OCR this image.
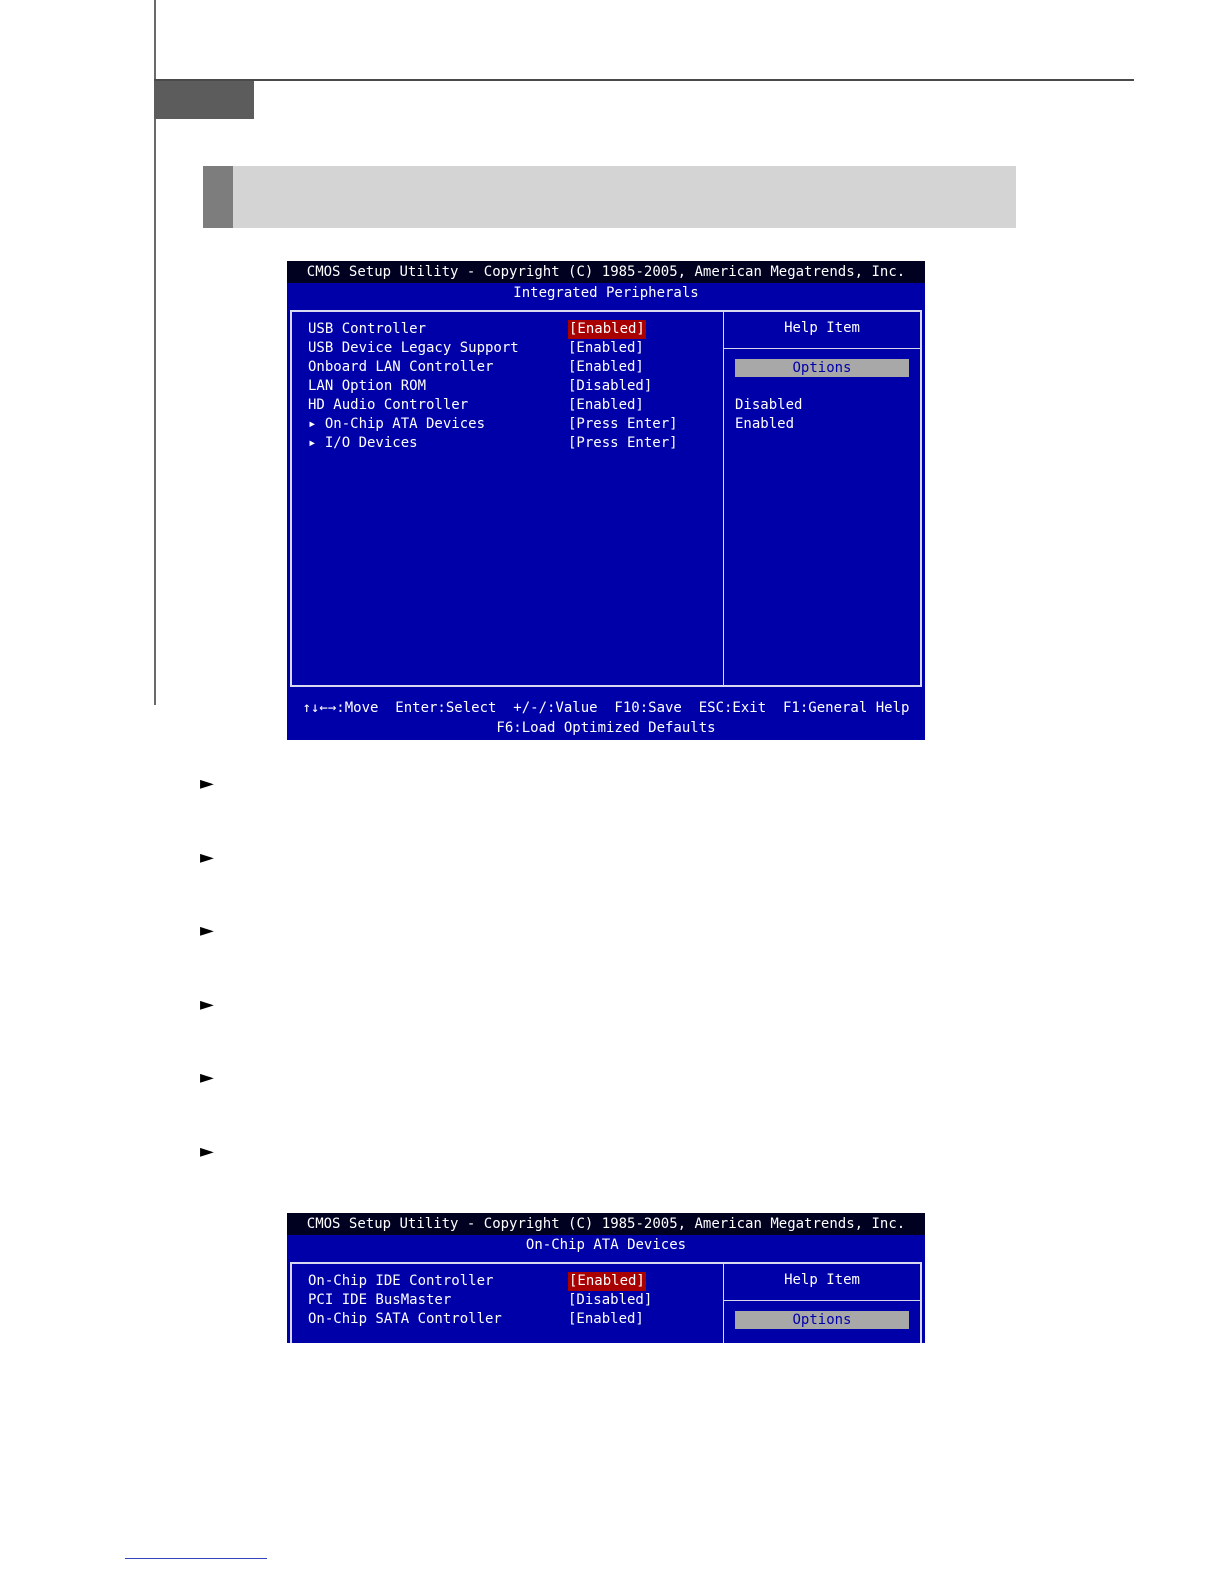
CMOS Setup Utility - Copyright (C) 1985-2005, American Megatrends, Inc.
Integrated Peripherals
Help Item
Options
USB Controller	[Enabled]
USB Device Legacy Support	[Enabled]
Onboard LAN Controller	[Enabled]
LAN Option ROM	[Disabled]
HD Audio Controller	[Enabled]
▸ On-Chip ATA Devices	[Press Enter]
▸ I/O Devices	[Press Enter]
Disabled
Enabled
↑↓←→:Move  Enter:Select  +/-/:Value  F10:Save  ESC:Exit  F1:General Help
F6:Load Optimized Defaults
►
►
►
►
►
►
CMOS Setup Utility - Copyright (C) 1985-2005, American Megatrends, Inc.
On-Chip ATA Devices
Help Item
Options
On-Chip IDE Controller	[Enabled]
PCI IDE BusMaster	[Disabled]
On-Chip SATA Controller	[Enabled]
